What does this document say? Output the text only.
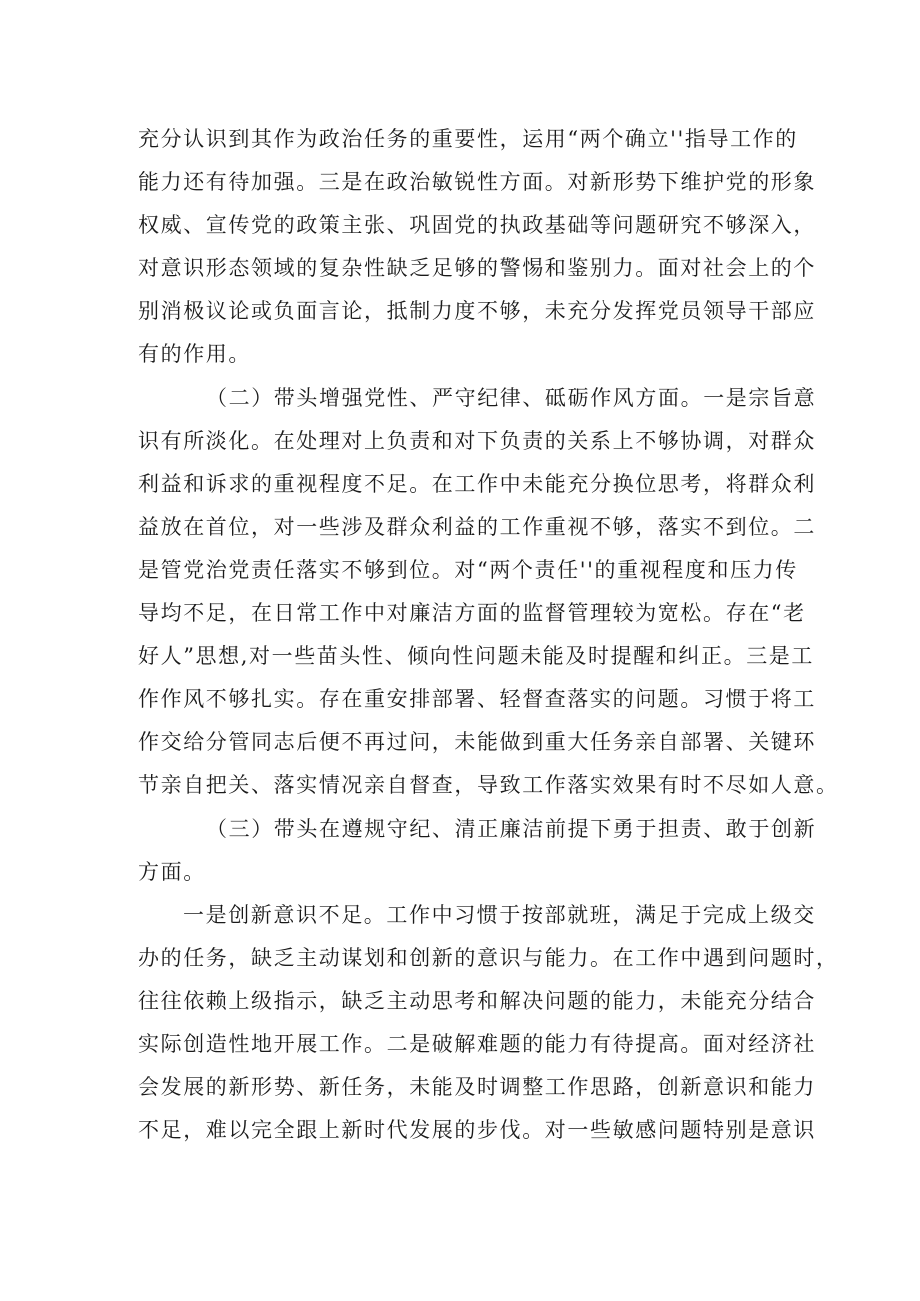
充分认识到其作为政治任务的重要性，运用“两个确立''指导工作的
能力还有待加强。三是在政治敏锐性方面。对新形势下维护党的形象
权威、宣传党的政策主张、巩固党的执政基础等问题研究不够深入，
对意识形态领域的复杂性缺乏足够的警惕和鉴别力。面对社会上的个
别消极议论或负面言论，抵制力度不够，未充分发挥党员领导干部应
有的作用。
（二）带头增强党性、严守纪律、砥砺作风方面。一是宗旨意
识有所淡化。在处理对上负责和对下负责的关系上不够协调，对群众
利益和诉求的重视程度不足。在工作中未能充分换位思考，将群众利
益放在首位，对一些涉及群众利益的工作重视不够，落实不到位。二
是管党治党责任落实不够到位。对“两个责任''的重视程度和压力传
导均不足，在日常工作中对廉洁方面的监督管理较为宽松。存在“老
好人”思想,对一些苗头性、倾向性问题未能及时提醒和纠正。三是工
作作风不够扎实。存在重安排部署、轻督查落实的问题。习惯于将工
作交给分管同志后便不再过问，未能做到重大任务亲自部署、关键环
节亲自把关、落实情况亲自督查，导致工作落实效果有时不尽如人意。
（三）带头在遵规守纪、清正廉洁前提下勇于担责、敢于创新
方面。
一是创新意识不足。工作中习惯于按部就班，满足于完成上级交
办的任务，缺乏主动谋划和创新的意识与能力。在工作中遇到问题时，
往往依赖上级指示，缺乏主动思考和解决问题的能力，未能充分结合
实际创造性地开展工作。二是破解难题的能力有待提高。面对经济社
会发展的新形势、新任务，未能及时调整工作思路，创新意识和能力
不足，难以完全跟上新时代发展的步伐。对一些敏感问题特别是意识
